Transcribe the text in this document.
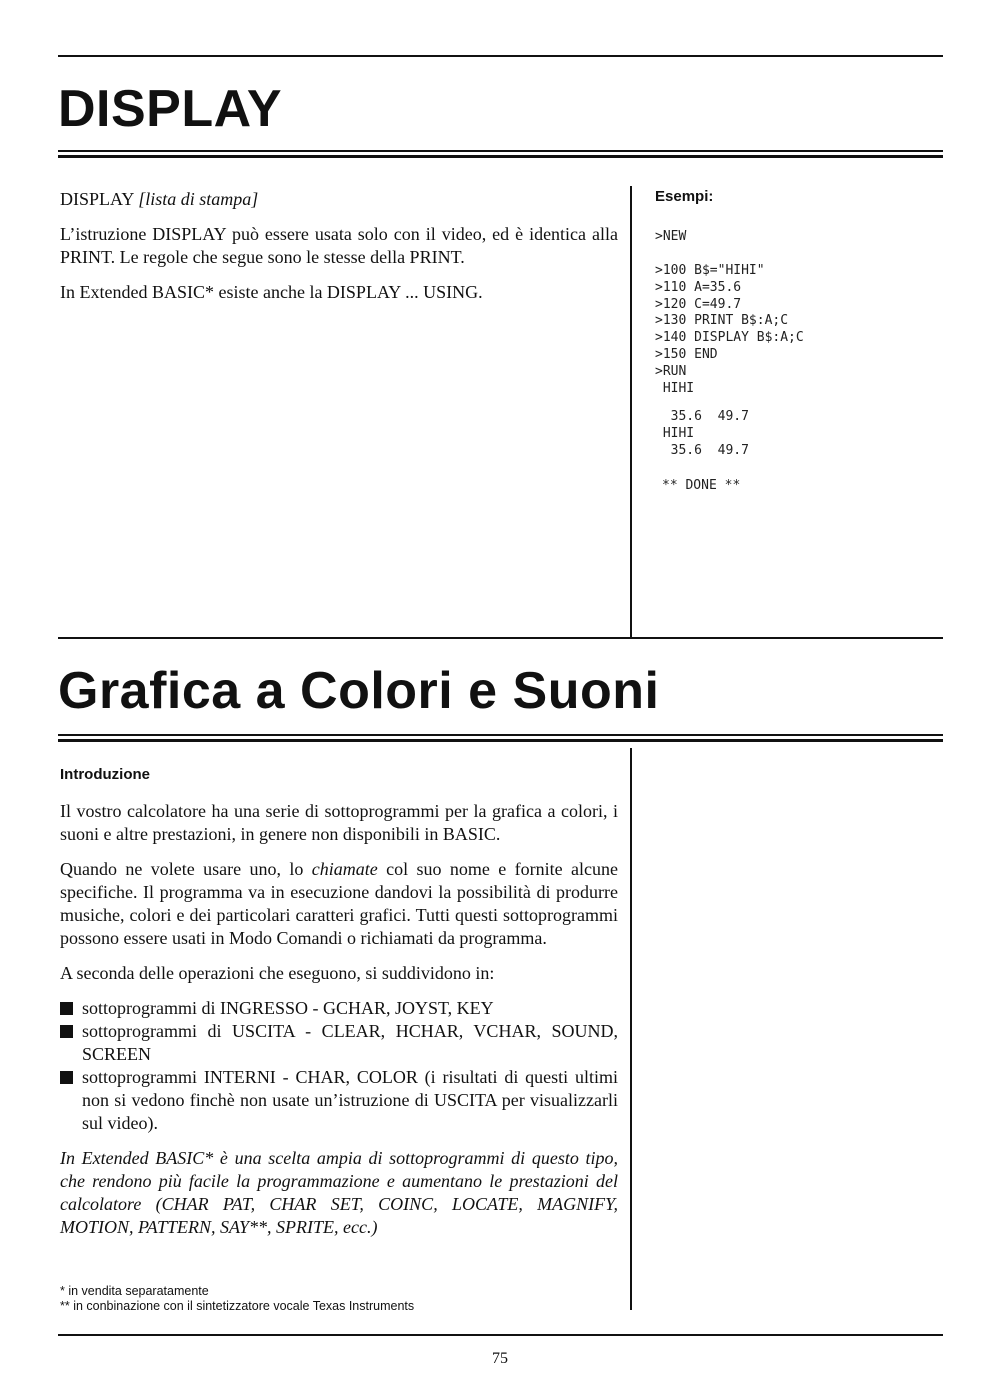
DISPLAY

DISPLAY [lista di stampa]

L’istruzione DISPLAY può essere usata solo con il video, ed è identica alla PRINT. Le regole che segue sono le stesse della PRINT.

In Extended BASIC* esiste anche la DISPLAY ... USING.

Esempi:
>NEW
>100 B$="HIHI"
>110 A=35.6
>120 C=49.7
>130 PRINT B$:A;C
>140 DISPLAY B$:A;C
>150 END
>RUN
HIHI
35.6  49.7
HIHI
35.6  49.7
** DONE **
Grafica a Colori e Suoni
Introduzione

Il vostro calcolatore ha una serie di sottoprogrammi per la grafica a colori, i suoni e altre prestazioni, in genere non disponibili in BASIC.

Quando ne volete usare uno, lo chiamate col suo nome e fornite alcune specifiche. Il programma va in esecuzione dandovi la possibilità di produrre musiche, colori e dei particolari caratteri grafici. Tutti questi sottoprogrammi possono essere usati in Modo Comandi o richiamati da programma.

A seconda delle operazioni che eseguono, si suddividono in:

sottoprogrammi di INGRESSO - GCHAR, JOYST, KEY
sottoprogrammi di USCITA - CLEAR, HCHAR, VCHAR, SOUND, SCREEN
sottoprogrammi INTERNI - CHAR, COLOR (i risultati di questi ultimi non si vedono finchè non usate un’istruzione di USCITA per visualizzarli sul video).

In Extended BASIC* è una scelta ampia di sottoprogrammi di questo tipo, che rendono più facile la programmazione e aumentano le prestazioni del calcolatore (CHAR PAT, CHAR SET, COINC, LOCATE, MAGNIFY, MOTION, PATTERN, SAY**, SPRITE, ecc.)

* in vendita separatamente
** in conbinazione con il sintetizzatore vocale Texas Instruments
75
